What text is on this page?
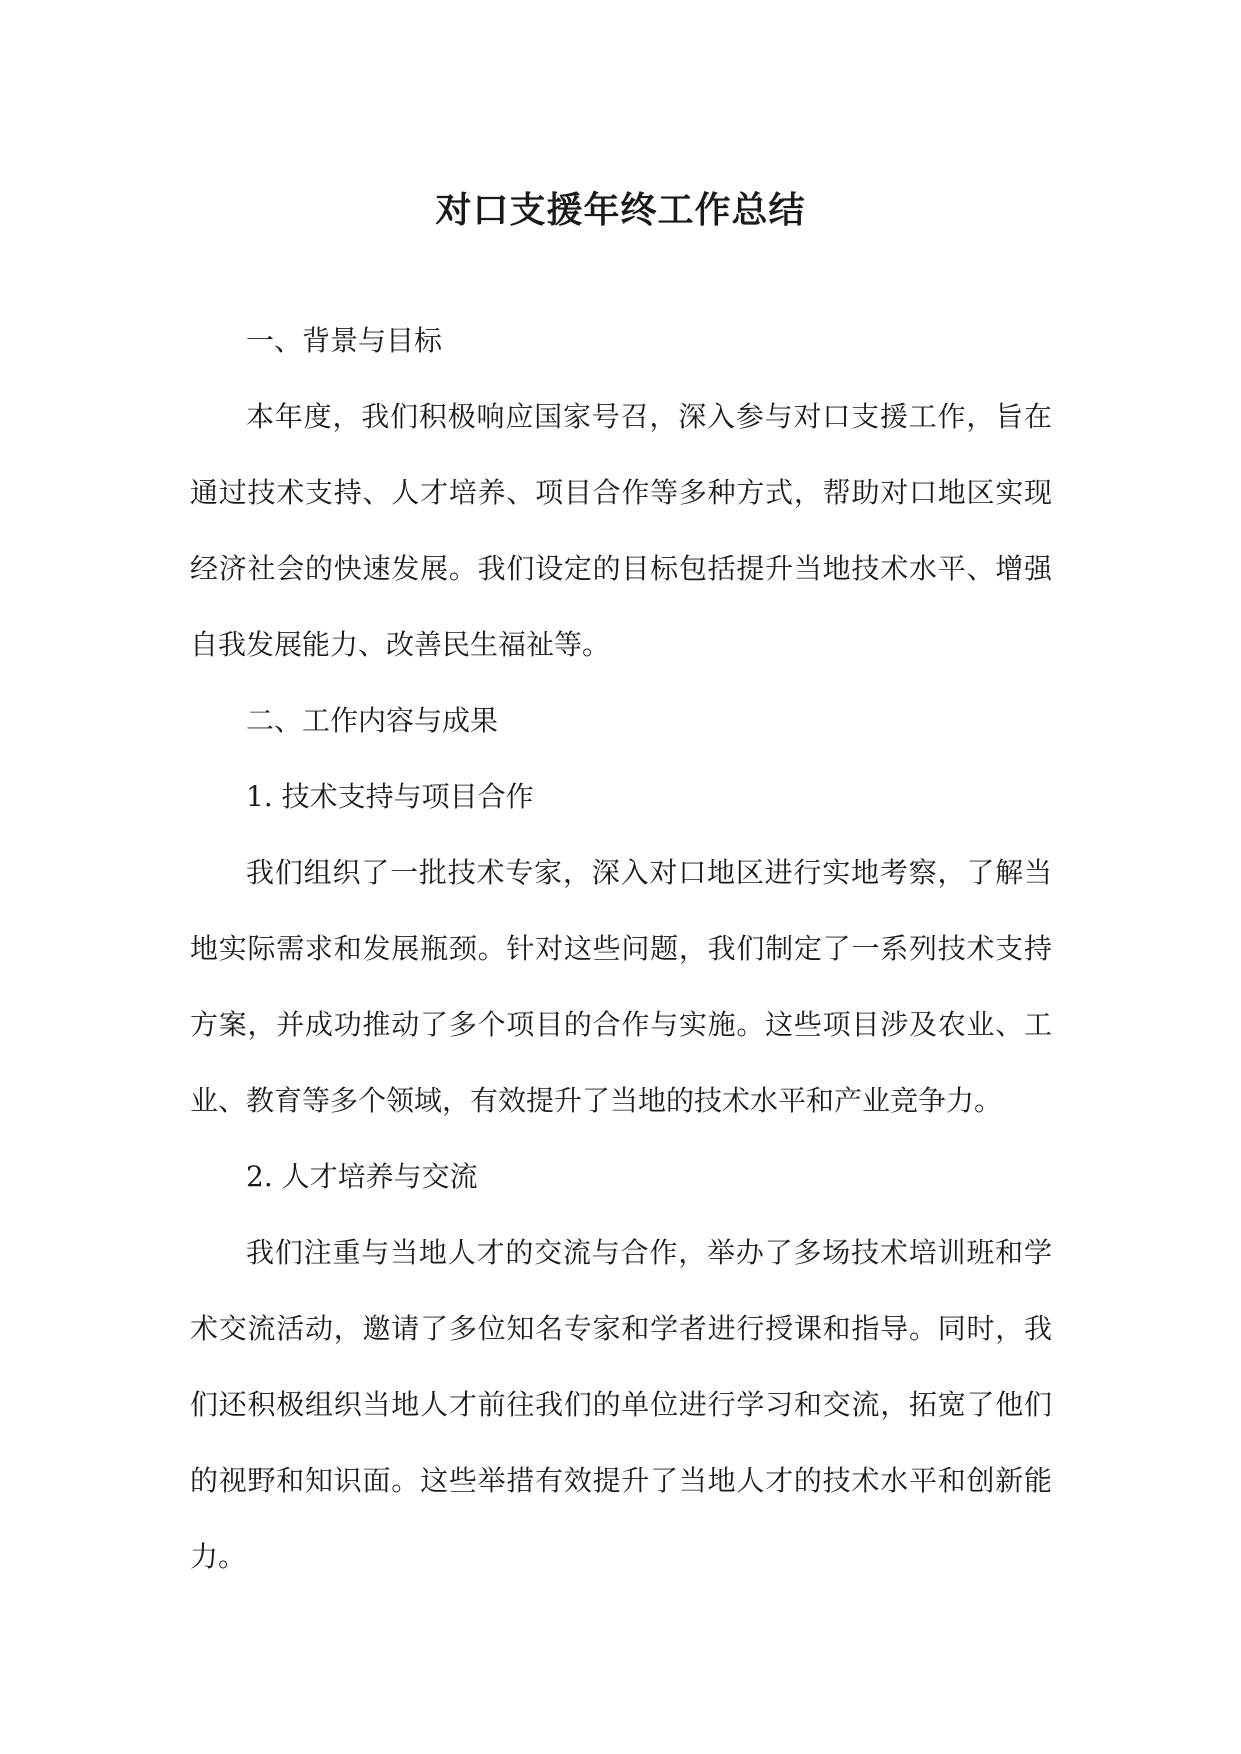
对口支援年终工作总结

一、背景与目标

本年度，我们积极响应国家号召，深入参与对口支援工作，旨在通过技术支持、人才培养、项目合作等多种方式，帮助对口地区实现经济社会的快速发展。我们设定的目标包括提升当地技术水平、增强自我发展能力、改善民生福祉等。

二、工作内容与成果

1. 技术支持与项目合作

我们组织了一批技术专家，深入对口地区进行实地考察，了解当地实际需求和发展瓶颈。针对这些问题，我们制定了一系列技术支持方案，并成功推动了多个项目的合作与实施。这些项目涉及农业、工业、教育等多个领域，有效提升了当地的技术水平和产业竞争力。

2. 人才培养与交流

我们注重与当地人才的交流与合作，举办了多场技术培训班和学术交流活动，邀请了多位知名专家和学者进行授课和指导。同时，我们还积极组织当地人才前往我们的单位进行学习和交流，拓宽了他们的视野和知识面。这些举措有效提升了当地人才的技术水平和创新能力。
